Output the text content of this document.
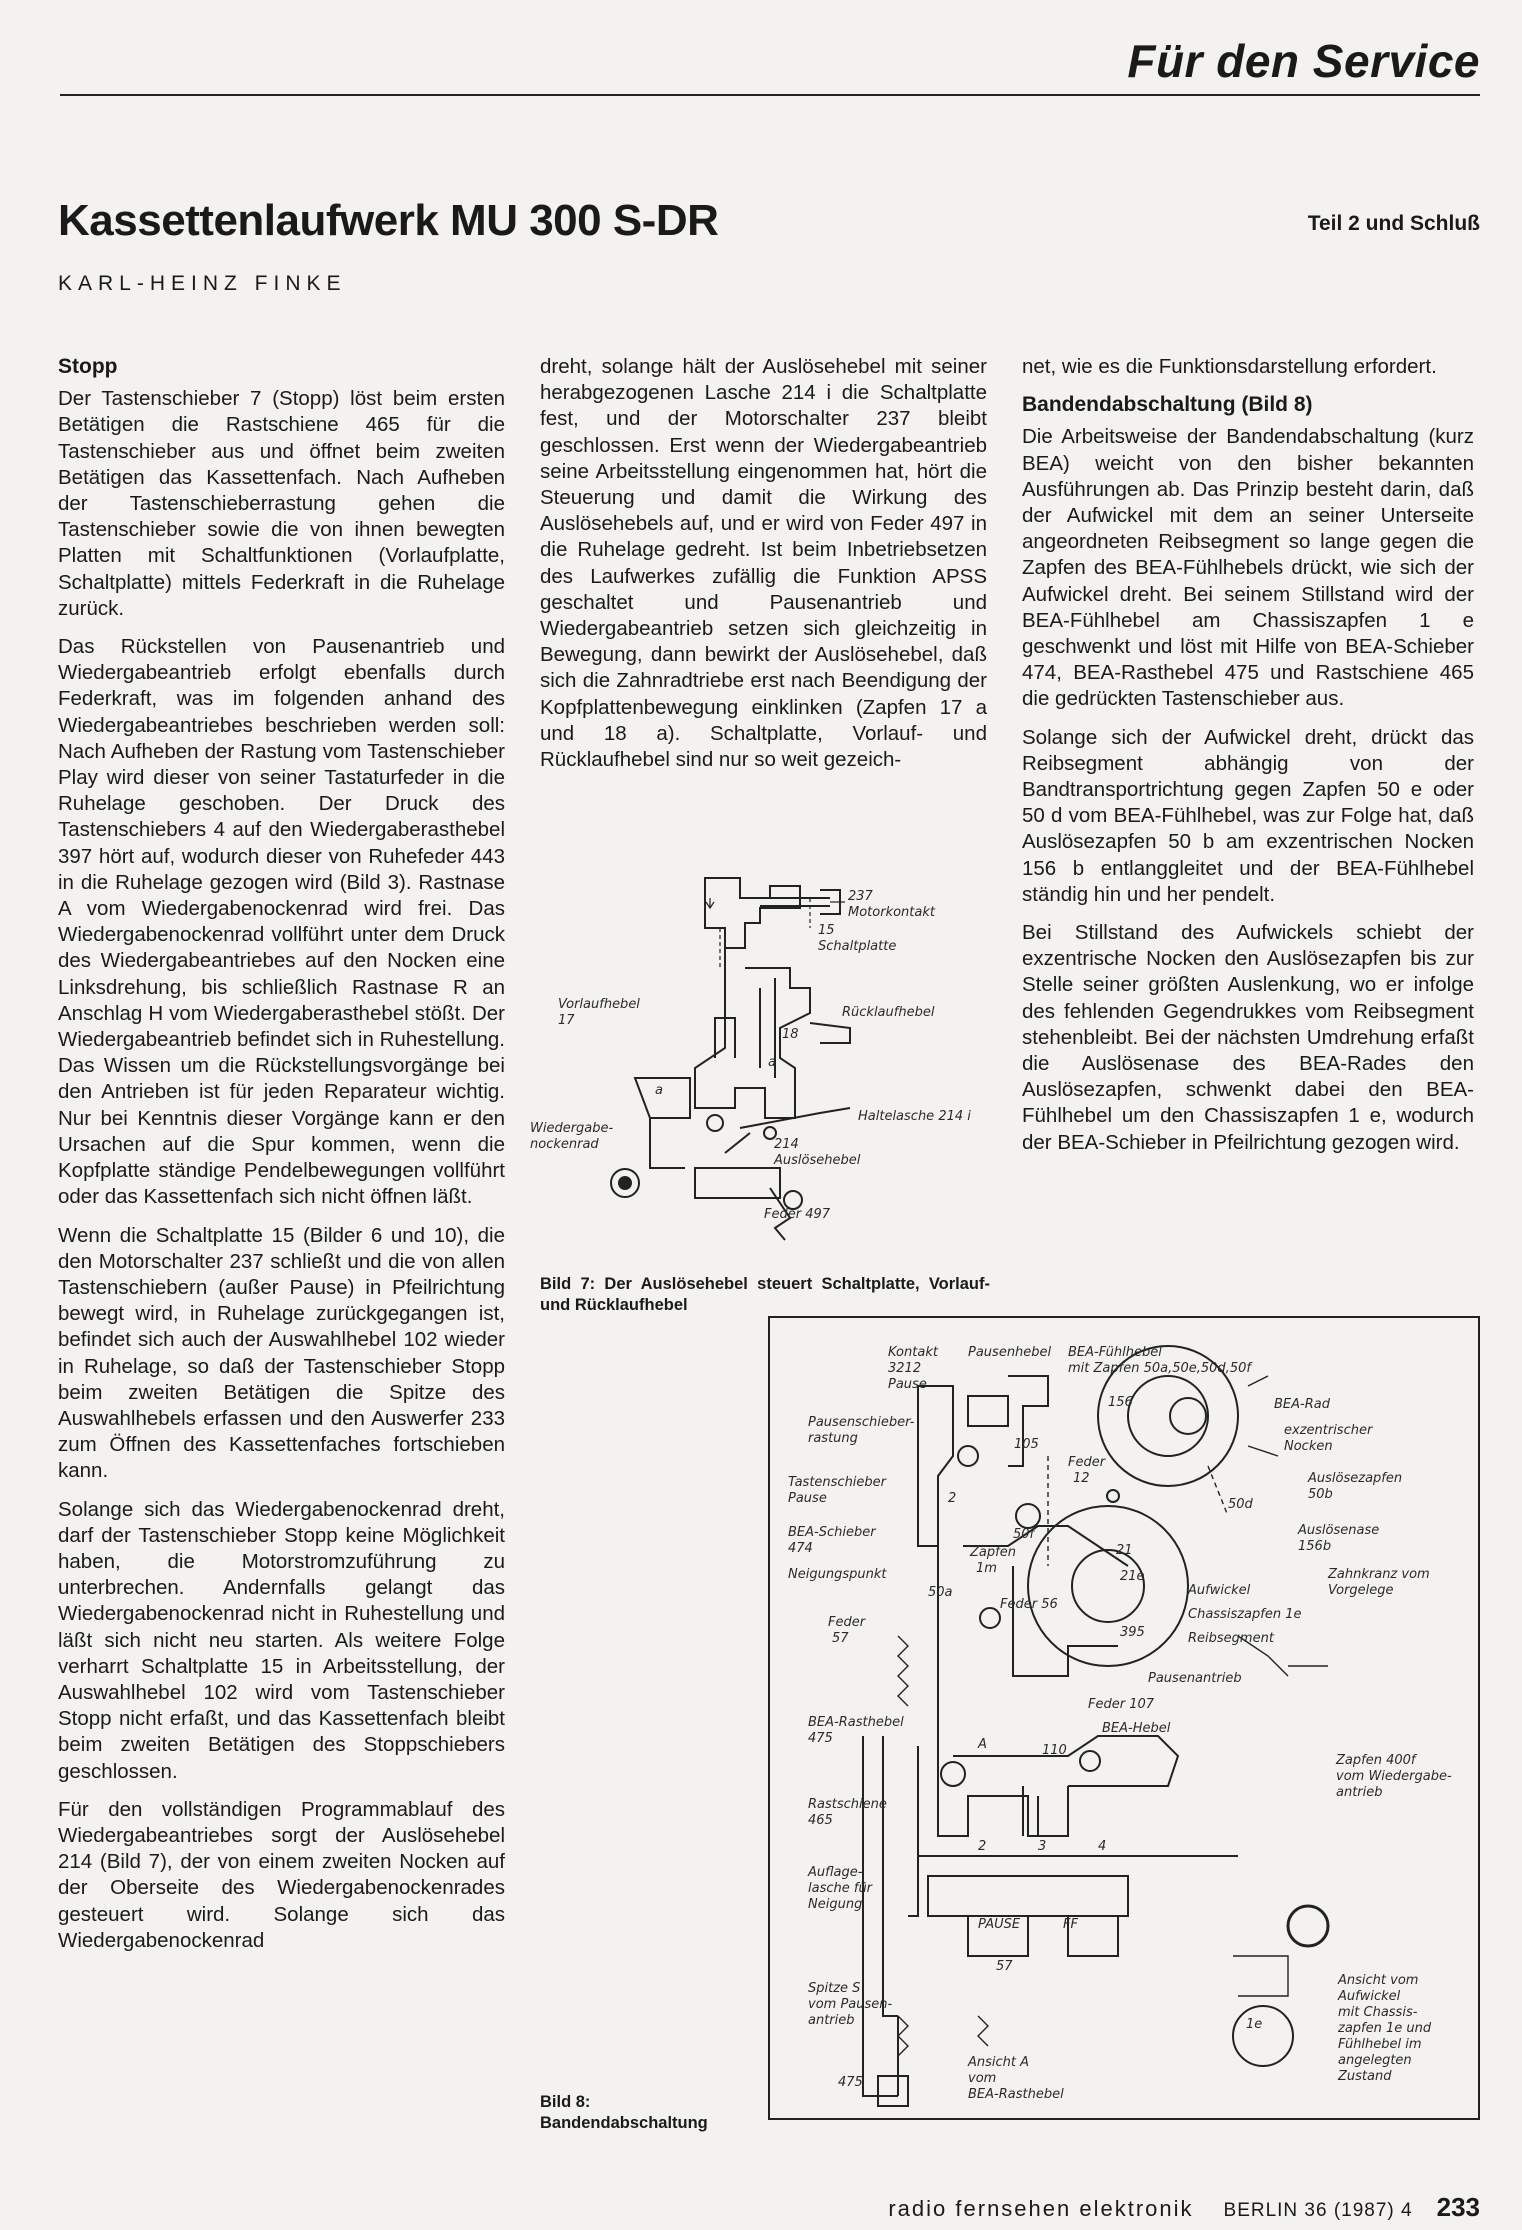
Für den Service
Kassettenlaufwerk MU 300 S-DR	Teil 2 und Schluß
KARL-HEINZ FINKE
Stopp

Der Tastenschieber 7 (Stopp) löst beim ersten Betätigen die Rastschiene 465 für die Tastenschieber aus und öffnet beim zweiten Betätigen das Kassettenfach. Nach Aufheben der Tastenschieberrastung gehen die Tastenschieber sowie die von ihnen bewegten Platten mit Schaltfunktionen (Vorlaufplatte, Schaltplatte) mittels Federkraft in die Ruhelage zurück.

Das Rückstellen von Pausenantrieb und Wiedergabeantrieb erfolgt ebenfalls durch Federkraft, was im folgenden anhand des Wiedergabeantriebes beschrieben werden soll: Nach Aufheben der Rastung vom Tastenschieber Play wird dieser von seiner Tastaturfeder in die Ruhelage geschoben. Der Druck des Tastenschiebers 4 auf den Wiedergaberasthebel 397 hört auf, wodurch dieser von Ruhefeder 443 in die Ruhelage gezogen wird (Bild 3). Rastnase A vom Wiedergabenockenrad wird frei. Das Wiedergabenockenrad vollführt unter dem Druck des Wiedergabeantriebes auf den Nocken eine Linksdrehung, bis schließlich Rastnase R an Anschlag H vom Wiedergaberasthebel stößt. Der Wiedergabeantrieb befindet sich in Ruhestellung. Das Wissen um die Rückstellungsvorgänge bei den Antrieben ist für jeden Reparateur wichtig. Nur bei Kenntnis dieser Vorgänge kann er den Ursachen auf die Spur kommen, wenn die Kopfplatte ständige Pendelbewegungen vollführt oder das Kassettenfach sich nicht öffnen läßt.

Wenn die Schaltplatte 15 (Bilder 6 und 10), die den Motorschalter 237 schließt und die von allen Tastenschiebern (außer Pause) in Pfeilrichtung bewegt wird, in Ruhelage zurückgegangen ist, befindet sich auch der Auswahlhebel 102 wieder in Ruhelage, so daß der Tastenschieber Stopp beim zweiten Betätigen die Spitze des Auswahlhebels erfassen und den Auswerfer 233 zum Öffnen des Kassettenfaches fortschieben kann.

Solange sich das Wiedergabenockenrad dreht, darf der Tastenschieber Stopp keine Möglichkeit haben, die Motorstromzuführung zu unterbrechen. Andernfalls gelangt das Wiedergabenockenrad nicht in Ruhestellung und läßt sich nicht neu starten. Als weitere Folge verharrt Schaltplatte 15 in Arbeitsstellung, der Auswahlhebel 102 wird vom Tastenschieber Stopp nicht erfaßt, und das Kassettenfach bleibt beim zweiten Betätigen des Stoppschiebers geschlossen.

Für den vollständigen Programmablauf des Wiedergabeantriebes sorgt der Auslösehebel 214 (Bild 7), der von einem zweiten Nocken auf der Oberseite des Wiedergabenockenrades gesteuert wird. Solange sich das Wiedergabenockenrad

dreht, solange hält der Auslösehebel mit seiner herabgezogenen Lasche 214 i die Schaltplatte fest, und der Motorschalter 237 bleibt geschlossen. Erst wenn der Wiedergabeantrieb seine Arbeitsstellung eingenommen hat, hört die Steuerung und damit die Wirkung des Auslösehebels auf, und er wird von Feder 497 in die Ruhelage gedreht. Ist beim Inbetriebsetzen des Laufwerkes zufällig die Funktion APSS geschaltet und Pausenantrieb und Wiedergabeantrieb setzen sich gleichzeitig in Bewegung, dann bewirkt der Auslösehebel, daß sich die Zahnradtriebe erst nach Beendigung der Kopfplattenbewegung einklinken (Zapfen 17 a und 18 a). Schaltplatte, Vorlauf- und Rücklaufhebel sind nur so weit gezeich-

net, wie es die Funktionsdarstellung erfordert.

Bandendabschaltung (Bild 8)

Die Arbeitsweise der Bandendabschaltung (kurz BEA) weicht von den bisher bekannten Ausführungen ab. Das Prinzip besteht darin, daß der Aufwickel mit dem an seiner Unterseite angeordneten Reibsegment so lange gegen die Zapfen des BEA-Fühlhebels drückt, wie sich der Aufwickel dreht. Bei seinem Stillstand wird der BEA-Fühlhebel am Chassiszapfen 1 e geschwenkt und löst mit Hilfe von BEA-Schieber 474, BEA-Rasthebel 475 und Rastschiene 465 die gedrückten Tastenschieber aus.

Solange sich der Aufwickel dreht, drückt das Reibsegment abhängig von der Bandtransportrichtung gegen Zapfen 50 e oder 50 d vom BEA-Fühlhebel, was zur Folge hat, daß Auslösezapfen 50 b am exzentrischen Nocken 156 b entlanggleitet und der BEA-Fühlhebel ständig hin und her pendelt.

Bei Stillstand des Aufwickels schiebt der exzentrische Nocken den Auslösezapfen bis zur Stelle seiner größten Auslenkung, wo er infolge des fehlenden Gegendrukkes vom Reibsegment stehenbleibt. Bei der nächsten Umdrehung erfaßt die Auslösenase des BEA-Rades den Auslösezapfen, schwenkt dabei den BEA-Fühlhebel um den Chassiszapfen 1 e, wodurch der BEA-Schieber in Pfeilrichtung gezogen wird.

237
Motorkontakt
15
Schaltplatte
Vorlaufhebel
17
Rücklaufhebel
18
a
a
Wiedergabe-
nockenrad
Haltelasche 214 i
214
Auslösehebel
Feder 497
Bild 7: Der Auslösehebel steuert Schaltplatte, Vorlauf- und Rücklaufhebel
Kontakt
3212
Pause
Pausenhebel BEA-Fühlhebel
mit Zapfen 50a,50e,50d,50f
Pausenschieber-
rastung
156	BEA-Rad
exzentrischer
Nocken
105
Tastenschieber
Pause
Feder
12	Auslösezapfen
50b
2	50d
BEA-Schieber
474
50f	Auslösenase
156b
Zapfen
1m
21
Neigungspunkt
50a
21e	Zahnkranz vom
Vorgelege
Aufwickel
Feder 56
Chassiszapfen 1e
Feder
57	Reibsegment
395
Pausenantrieb
Feder 107
BEA-Rasthebel
475
BEA-Hebel
A	110
Zapfen 400f
vom Wiedergabe-
antrieb
Rastschiene
465
2	3	4
Auflage-
lasche für
Neigung
PAUSE	FF
57
Spitze S
vom Pausen-
antrieb	1e
Ansicht vom
Aufwickel
mit Chassis-
zapfen 1e und
Fühlhebel im
angelegten
Zustand
475
Ansicht A
vom
BEA-Rasthebel
Bild 8: Bandendabschaltung
radio fernsehen elektronik BERLIN 36 (1987) 4 233
